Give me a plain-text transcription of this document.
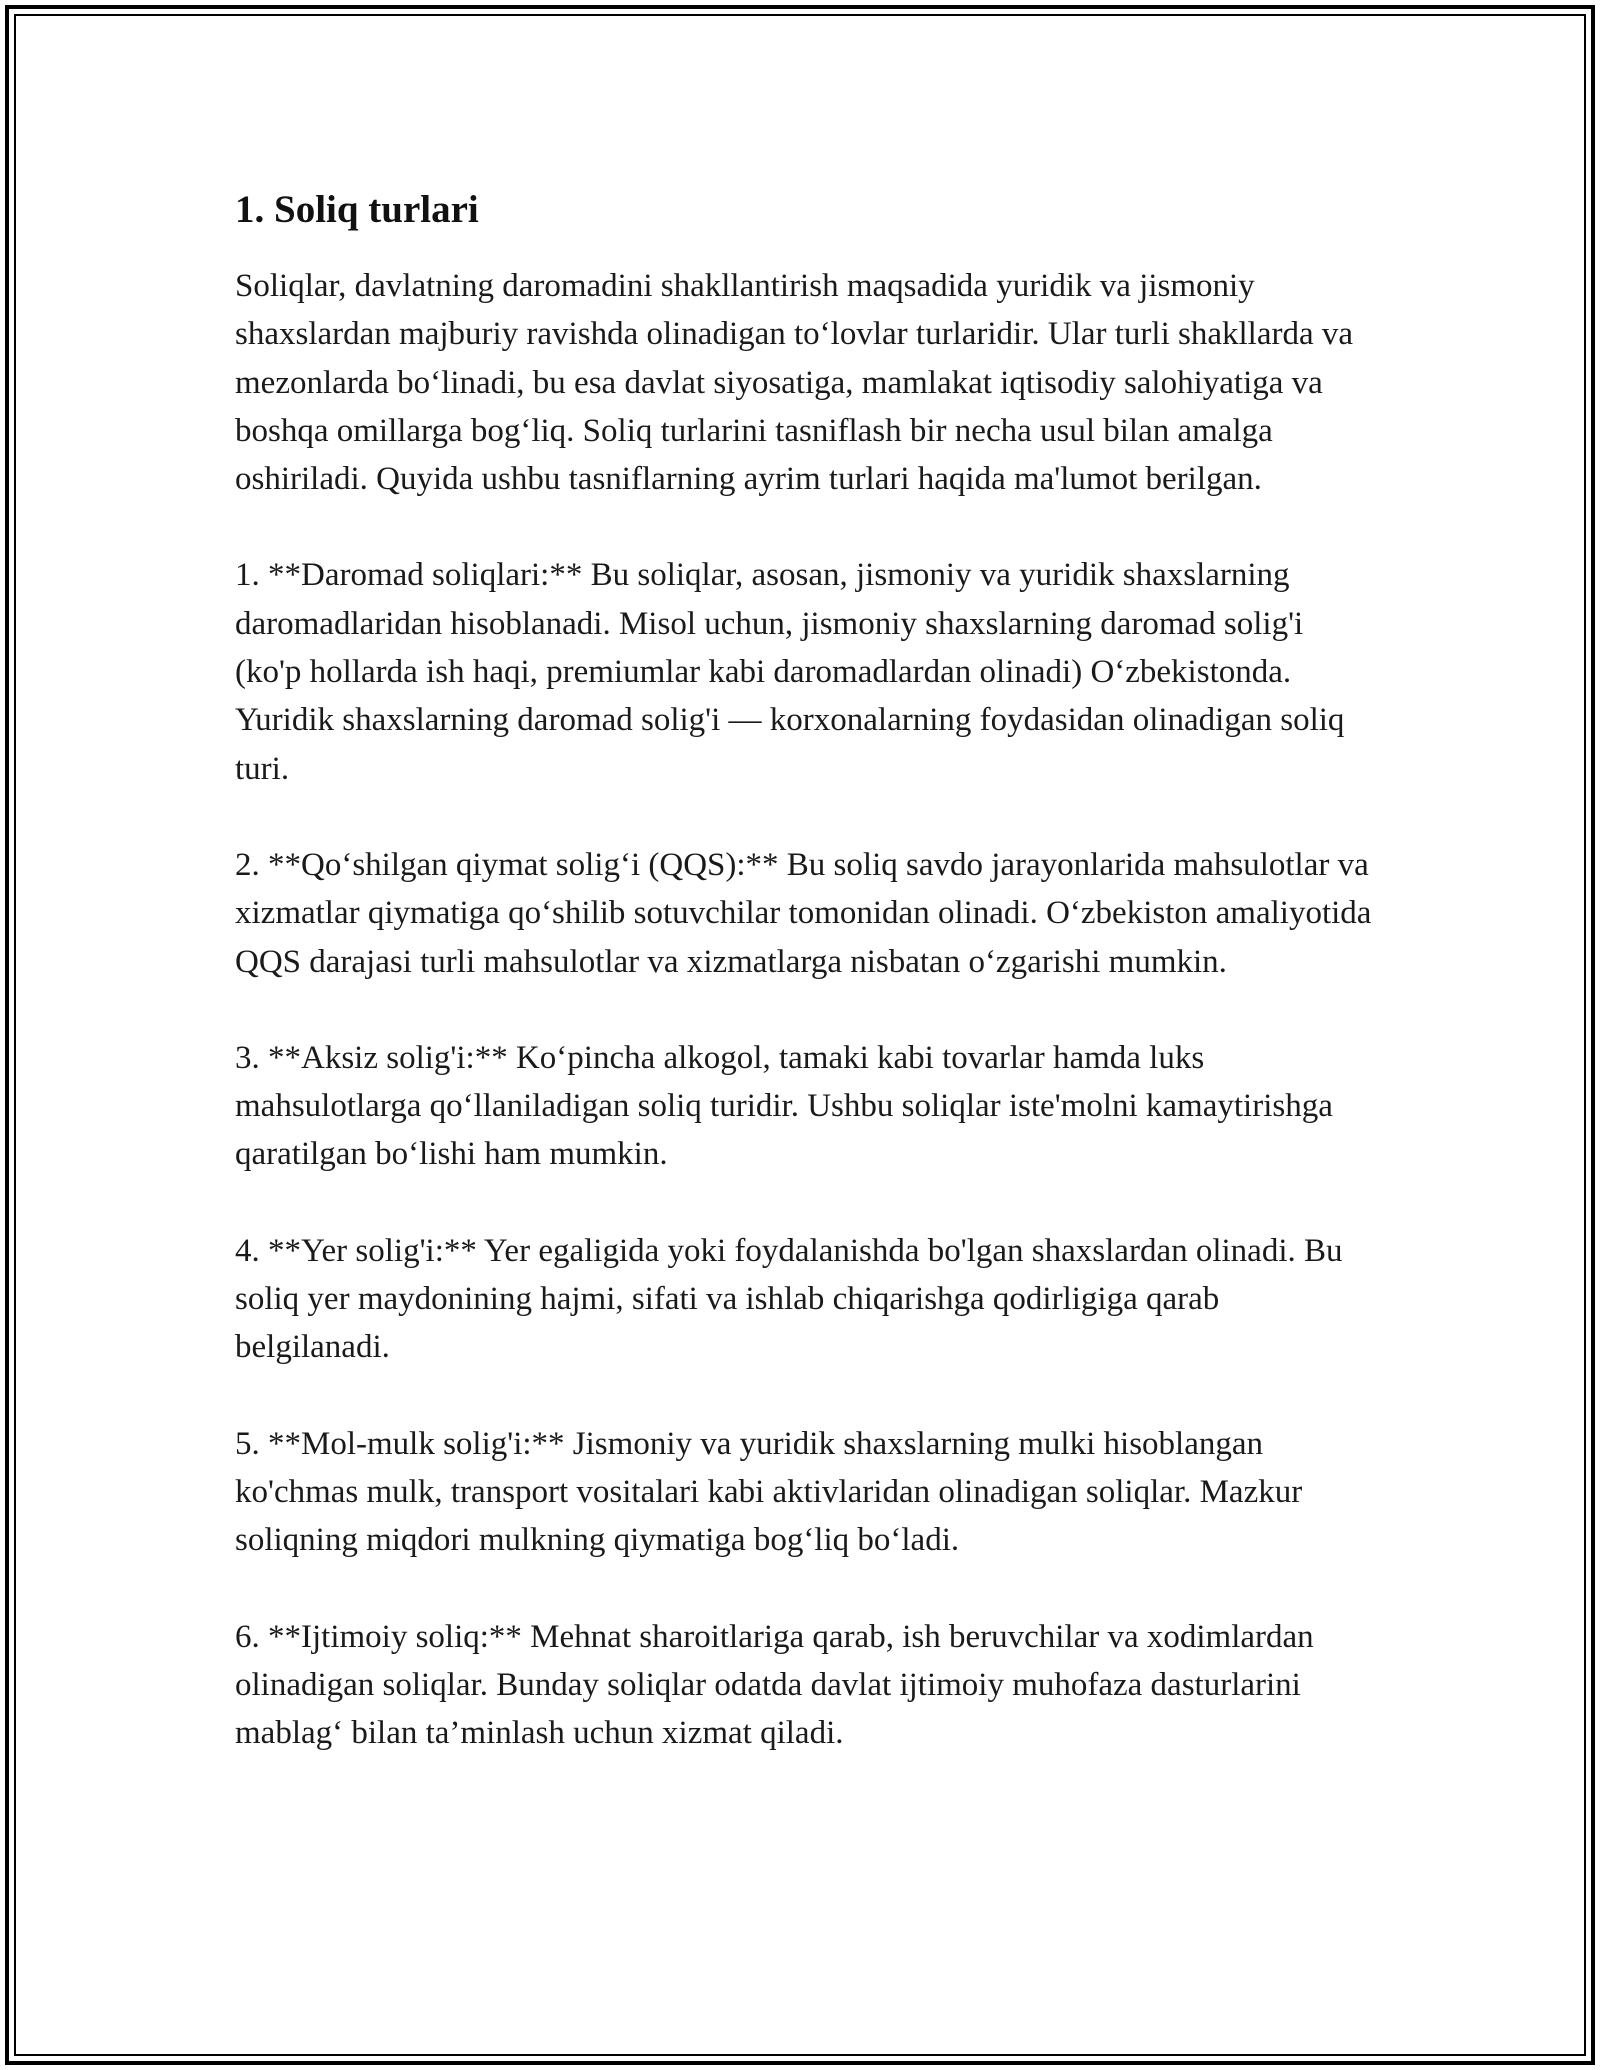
1. Soliq turlari

Soliqlar, davlatning daromadini shakllantirish maqsadida yuridik va jismoniy shaxslardan majburiy ravishda olinadigan to‘lovlar turlaridir. Ular turli shakllarda va mezonlarda bo‘linadi, bu esa davlat siyosatiga, mamlakat iqtisodiy salohiyatiga va boshqa omillarga bog‘liq. Soliq turlarini tasniflash bir necha usul bilan amalga oshiriladi. Quyida ushbu tasniflarning ayrim turlari haqida ma'lumot berilgan.

1. **Daromad soliqlari:** Bu soliqlar, asosan, jismoniy va yuridik shaxslarning daromadlaridan hisoblanadi. Misol uchun, jismoniy shaxslarning daromad solig'i (ko'p hollarda ish haqi, premiumlar kabi daromadlardan olinadi) O‘zbekistonda. Yuridik shaxslarning daromad solig'i — korxonalarning foydasidan olinadigan soliq turi.

2. **Qo‘shilgan qiymat solig‘i (QQS):** Bu soliq savdo jarayonlarida mahsulotlar va xizmatlar qiymatiga qo‘shilib sotuvchilar tomonidan olinadi. O‘zbekiston amaliyotida QQS darajasi turli mahsulotlar va xizmatlarga nisbatan o‘zgarishi mumkin.

3. **Aksiz solig'i:** Ko‘pincha alkogol, tamaki kabi tovarlar hamda luks mahsulotlarga qo‘llaniladigan soliq turidir. Ushbu soliqlar iste'molni kamaytirishga qaratilgan bo‘lishi ham mumkin.

4. **Yer solig'i:** Yer egaligida yoki foydalanishda bo'lgan shaxslardan olinadi. Bu soliq yer maydonining hajmi, sifati va ishlab chiqarishga qodirligiga qarab belgilanadi.

5. **Mol-mulk solig'i:** Jismoniy va yuridik shaxslarning mulki hisoblangan ko'chmas mulk, transport vositalari kabi aktivlaridan olinadigan soliqlar. Mazkur soliqning miqdori mulkning qiymatiga bog‘liq bo‘ladi.

6. **Ijtimoiy soliq:** Mehnat sharoitlariga qarab, ish beruvchilar va xodimlardan olinadigan soliqlar. Bunday soliqlar odatda davlat ijtimoiy muhofaza dasturlarini mablag‘ bilan ta’minlash uchun xizmat qiladi.
